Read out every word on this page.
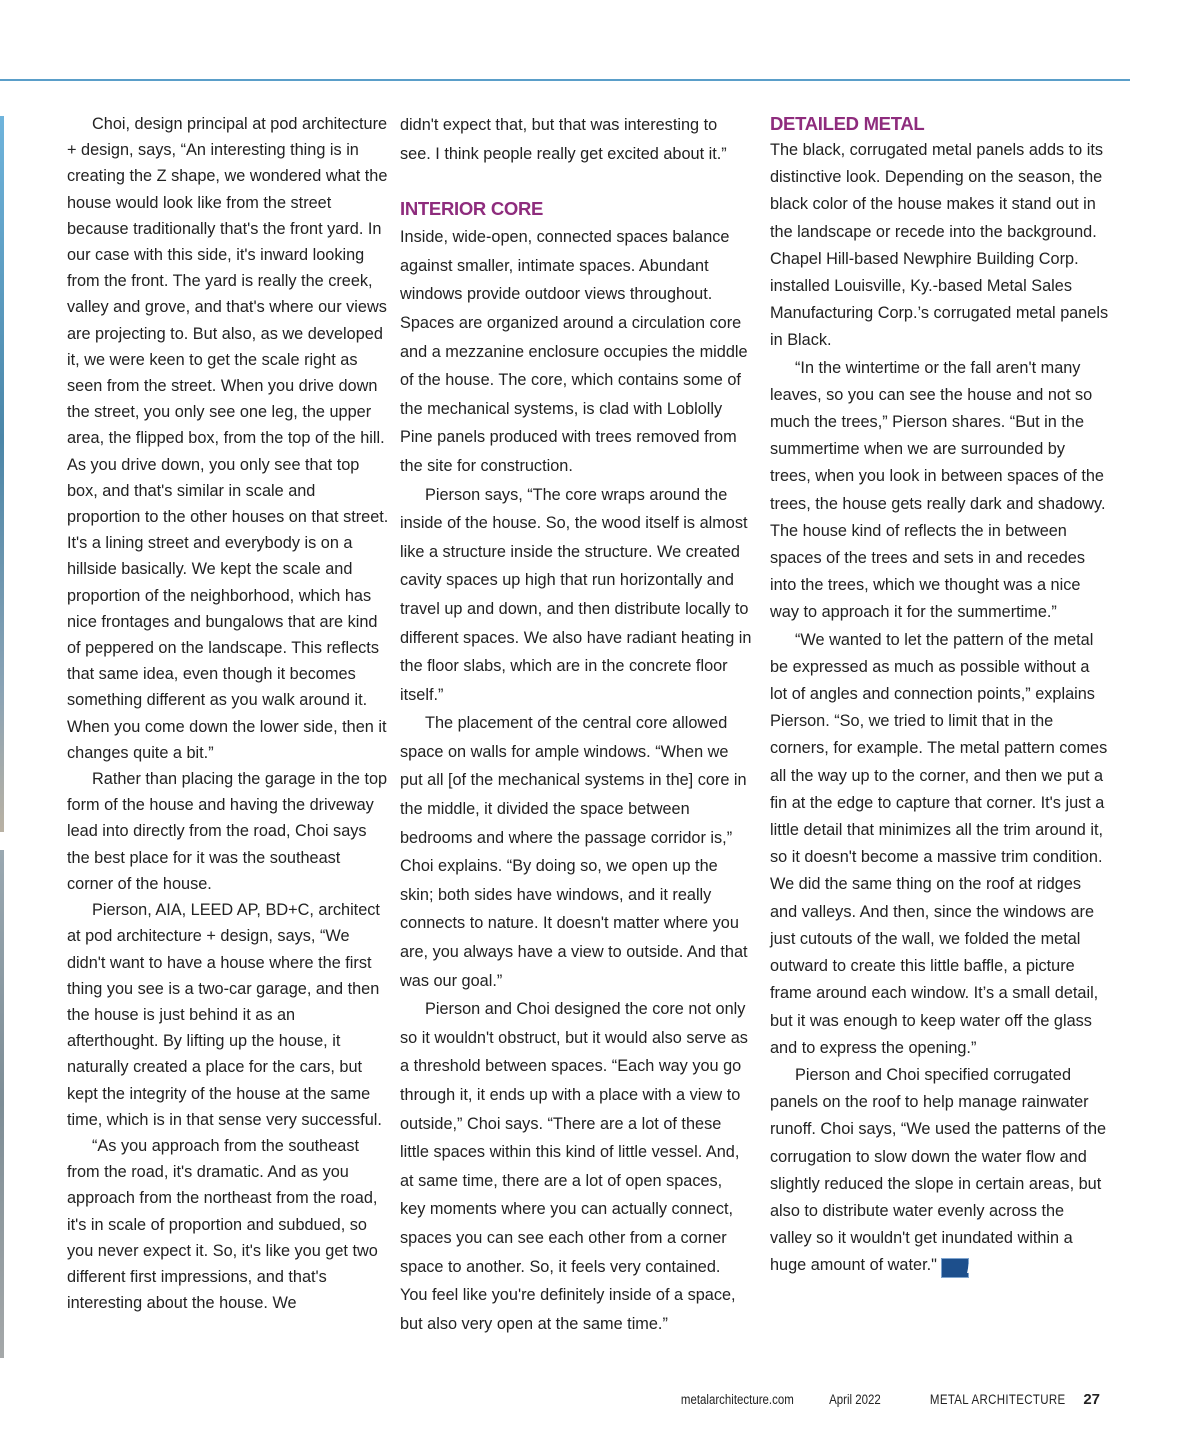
Choi, design principal at pod architecture + design, says, “An interesting thing is in creating the Z shape, we wondered what the house would look like from the street because traditionally that's the front yard. In our case with this side, it's inward looking from the front. The yard is really the creek, valley and grove, and that's where our views are projecting to. But also, as we developed it, we were keen to get the scale right as seen from the street. When you drive down the street, you only see one leg, the upper area, the flipped box, from the top of the hill. As you drive down, you only see that top box, and that's similar in scale and proportion to the other houses on that street. It's a lining street and everybody is on a hillside basically. We kept the scale and proportion of the neighborhood, which has nice frontages and bungalows that are kind of peppered on the landscape. This reflects that same idea, even though it becomes something different as you walk around it. When you come down the lower side, then it changes quite a bit.”

Rather than placing the garage in the top form of the house and having the driveway lead into directly from the road, Choi says the best place for it was the southeast corner of the house.

Pierson, AIA, LEED AP, BD+C, architect at pod architecture + design, says, “We didn't want to have a house where the first thing you see is a two-car garage, and then the house is just behind it as an afterthought. By lifting up the house, it naturally created a place for the cars, but kept the integrity of the house at the same time, which is in that sense very successful.

“As you approach from the southeast from the road, it's dramatic. And as you approach from the northeast from the road, it's in scale of proportion and subdued, so you never expect it. So, it's like you get two different first impressions, and that's interesting about the house. We

didn't expect that, but that was interesting to see. I think people really get excited about it.”

INTERIOR CORE

Inside, wide-open, connected spaces balance against smaller, intimate spaces. Abundant windows provide outdoor views throughout. Spaces are organized around a circulation core and a mezzanine enclosure occupies the middle of the house. The core, which contains some of the mechanical systems, is clad with Loblolly Pine panels produced with trees removed from the site for construction.

Pierson says, “The core wraps around the inside of the house. So, the wood itself is almost like a structure inside the structure. We created cavity spaces up high that run horizontally and travel up and down, and then distribute locally to different spaces. We also have radiant heating in the floor slabs, which are in the concrete floor itself.”

The placement of the central core allowed space on walls for ample windows. “When we put all [of the mechanical systems in the] core in the middle, it divided the space between bedrooms and where the passage corridor is,” Choi explains. “By doing so, we open up the skin; both sides have windows, and it really connects to nature. It doesn't matter where you are, you always have a view to outside. And that was our goal.”

Pierson and Choi designed the core not only so it wouldn't obstruct, but it would also serve as a threshold between spaces. “Each way you go through it, it ends up with a place with a view to outside,” Choi says. “There are a lot of these little spaces within this kind of little vessel. And, at same time, there are a lot of open spaces, key moments where you can actually connect, spaces you can see each other from a corner space to another. So, it feels very contained. You feel like you're definitely inside of a space, but also very open at the same time.”

DETAILED METAL

The black, corrugated metal panels adds to its distinctive look. Depending on the season, the black color of the house makes it stand out in the landscape or recede into the background. Chapel Hill-based Newphire Building Corp. installed Louisville, Ky.-based Metal Sales Manufacturing Corp.’s corrugated metal panels in Black.

“In the wintertime or the fall aren't many leaves, so you can see the house and not so much the trees,” Pierson shares. “But in the summertime when we are surrounded by trees, when you look in between spaces of the trees, the house gets really dark and shadowy. The house kind of reflects the in between spaces of the trees and sets in and recedes into the trees, which we thought was a nice way to approach it for the summertime.”

“We wanted to let the pattern of the metal be expressed as much as possible without a lot of angles and connection points,” explains Pierson. “So, we tried to limit that in the corners, for example. The metal pattern comes all the way up to the corner, and then we put a fin at the edge to capture that corner. It's just a little detail that minimizes all the trim around it, so it doesn't become a massive trim condition. We did the same thing on the roof at ridges and valleys. And then, since the windows are just cutouts of the wall, we folded the metal outward to create this little baffle, a picture frame around each window. It’s a small detail, but it was enough to keep water off the glass and to express the opening.”

Pierson and Choi specified corrugated panels on the roof to help manage rainwater runoff. Choi says, “We used the patterns of the corrugation to slow down the water flow and slightly reduced the slope in certain areas, but also to distribute water evenly across the valley so it wouldn't get inundated within a huge amount of water." Ma

metalarchitecture.com	April 2022	METAL ARCHITECTURE 27
